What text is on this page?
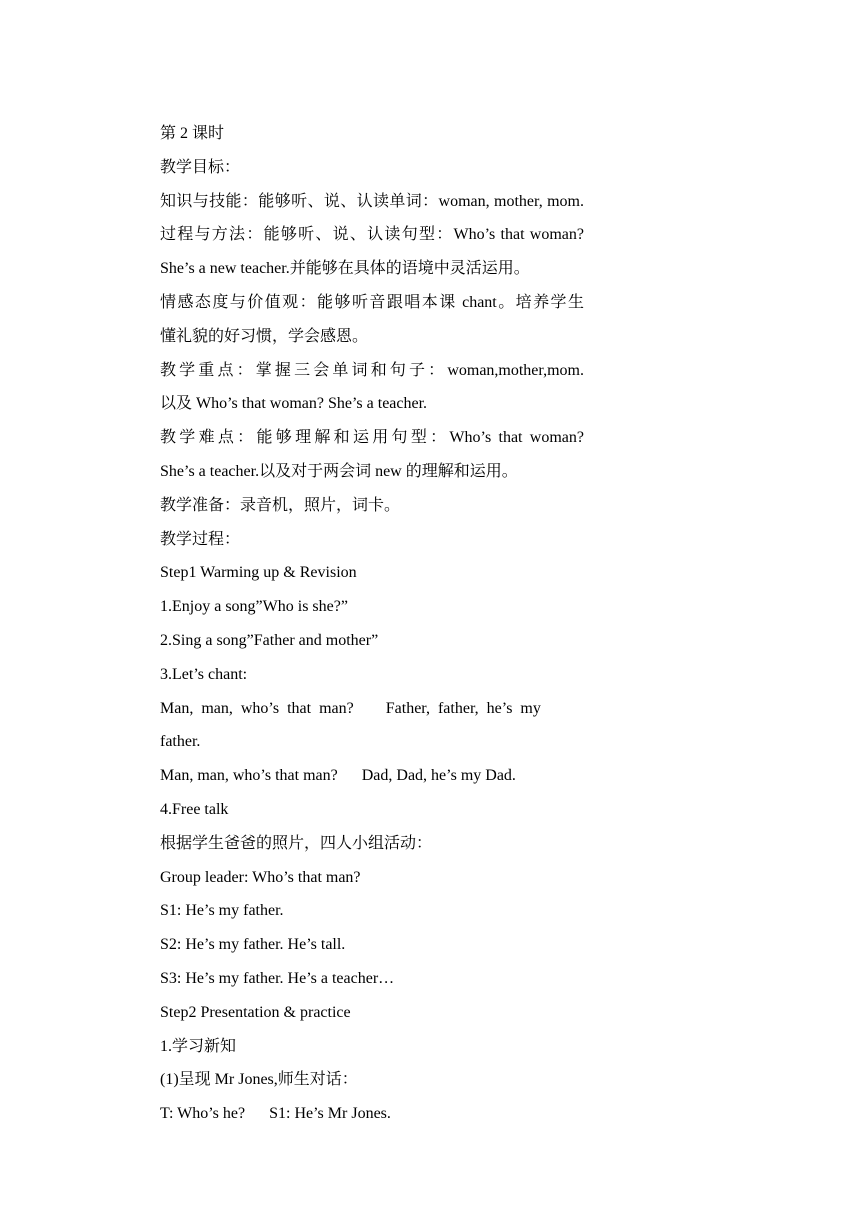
第 2 课时
教学目标：
知识与技能：能够听、说、认读单词：woman, mother, mom.
过程与方法：能够听、说、认读句型：Who’s that woman?
She’s a new teacher.并能够在具体的语境中灵活运用。
情感态度与价值观：能够听音跟唱本课 chant。培养学生
懂礼貌的好习惯，学会感恩。
教学重点：掌握三会单词和句子：woman,mother,mom.
以及 Who’s that woman? She’s a teacher.
教学难点：能够理解和运用句型：Who’s that woman?
She’s a teacher.以及对于两会词 new 的理解和运用。
教学准备：录音机，照片，词卡。
教学过程：
Step1 Warming up & Revision
1.Enjoy a song”Who is she?”
2.Sing a song”Father and mother”
3.Let’s chant:
Man,  man,  who’s  that  man?        Father,  father,  he’s  my
father.
Man, man, who’s that man?      Dad, Dad, he’s my Dad.
4.Free talk
根据学生爸爸的照片，四人小组活动：
Group leader: Who’s that man?
S1: He’s my father.
S2: He’s my father. He’s tall.
S3: He’s my father. He’s a teacher…
Step2 Presentation & practice
1.学习新知
(1)呈现 Mr Jones,师生对话：
T: Who’s he?      S1: He’s Mr Jones.
